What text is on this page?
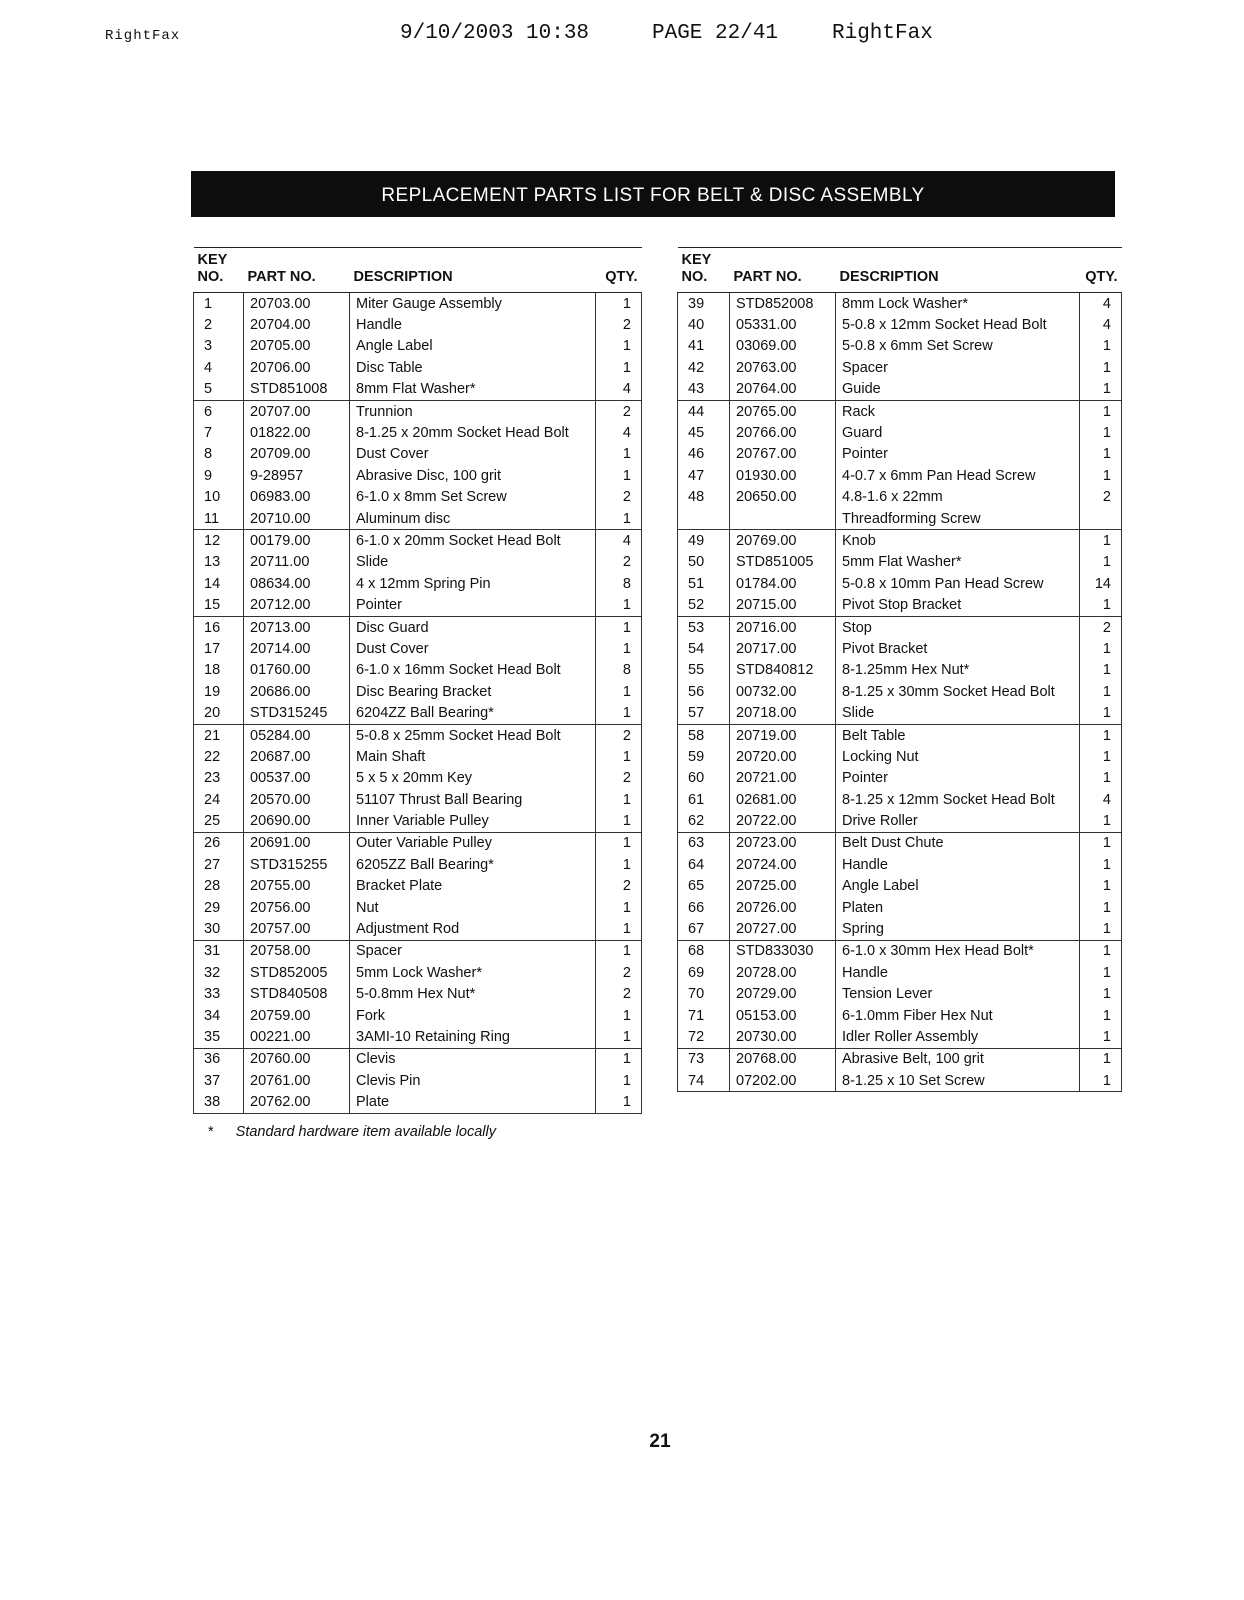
RightFax	9/10/2003 10:38	PAGE 22/41	RightFax
REPLACEMENT PARTS LIST FOR BELT & DISC ASSEMBLY
KEY
NO.	PART NO.	DESCRIPTION	QTY.
1	20703.00	Miter Gauge Assembly	1
2	20704.00	Handle	2
3	20705.00	Angle Label	1
4	20706.00	Disc Table	1
5	STD851008	8mm Flat Washer*	4
6	20707.00	Trunnion	2
7	01822.00	8-1.25 x 20mm Socket Head Bolt	4
8	20709.00	Dust Cover	1
9	9-28957	Abrasive Disc, 100 grit	1
10	06983.00	6-1.0 x 8mm Set Screw	2
11	20710.00	Aluminum disc	1
12	00179.00	6-1.0 x 20mm Socket Head Bolt	4
13	20711.00	Slide	2
14	08634.00	4 x 12mm Spring Pin	8
15	20712.00	Pointer	1
16	20713.00	Disc Guard	1
17	20714.00	Dust Cover	1
18	01760.00	6-1.0 x 16mm Socket Head Bolt	8
19	20686.00	Disc Bearing Bracket	1
20	STD315245	6204ZZ Ball Bearing*	1
21	05284.00	5-0.8 x 25mm Socket Head Bolt	2
22	20687.00	Main Shaft	1
23	00537.00	5 x 5 x 20mm Key	2
24	20570.00	51107 Thrust Ball Bearing	1
25	20690.00	Inner Variable Pulley	1
26	20691.00	Outer Variable Pulley	1
27	STD315255	6205ZZ Ball Bearing*	1
28	20755.00	Bracket Plate	2
29	20756.00	Nut	1
30	20757.00	Adjustment Rod	1
31	20758.00	Spacer	1
32	STD852005	5mm Lock Washer*	2
33	STD840508	5-0.8mm Hex Nut*	2
34	20759.00	Fork	1
35	00221.00	3AMI-10 Retaining Ring	1
36	20760.00	Clevis	1
37	20761.00	Clevis Pin	1
38	20762.00	Plate	1
KEY
NO.	PART NO.	DESCRIPTION	QTY.
39	STD852008	8mm Lock Washer*	4
40	05331.00	5-0.8 x 12mm Socket Head Bolt	4
41	03069.00	5-0.8 x 6mm Set Screw	1
42	20763.00	Spacer	1
43	20764.00	Guide	1
44	20765.00	Rack	1
45	20766.00	Guard	1
46	20767.00	Pointer	1
47	01930.00	4-0.7 x 6mm Pan Head Screw	1
48	20650.00	4.8-1.6 x 22mm	2
		Threadforming Screw	
49	20769.00	Knob	1
50	STD851005	5mm Flat Washer*	1
51	01784.00	5-0.8 x 10mm Pan Head Screw	14
52	20715.00	Pivot Stop Bracket	1
53	20716.00	Stop	2
54	20717.00	Pivot Bracket	1
55	STD840812	8-1.25mm Hex Nut*	1
56	00732.00	8-1.25 x 30mm Socket Head Bolt	1
57	20718.00	Slide	1
58	20719.00	Belt Table	1
59	20720.00	Locking Nut	1
60	20721.00	Pointer	1
61	02681.00	8-1.25 x 12mm Socket Head Bolt	4
62	20722.00	Drive Roller	1
63	20723.00	Belt Dust Chute	1
64	20724.00	Handle	1
65	20725.00	Angle Label	1
66	20726.00	Platen	1
67	20727.00	Spring	1
68	STD833030	6-1.0 x 30mm Hex Head Bolt*	1
69	20728.00	Handle	1
70	20729.00	Tension Lever	1
71	05153.00	6-1.0mm Fiber Hex Nut	1
72	20730.00	Idler Roller Assembly	1
73	20768.00	Abrasive Belt, 100 grit	1
74	07202.00	8-1.25 x 10 Set Screw	1
* Standard hardware item available locally
21
